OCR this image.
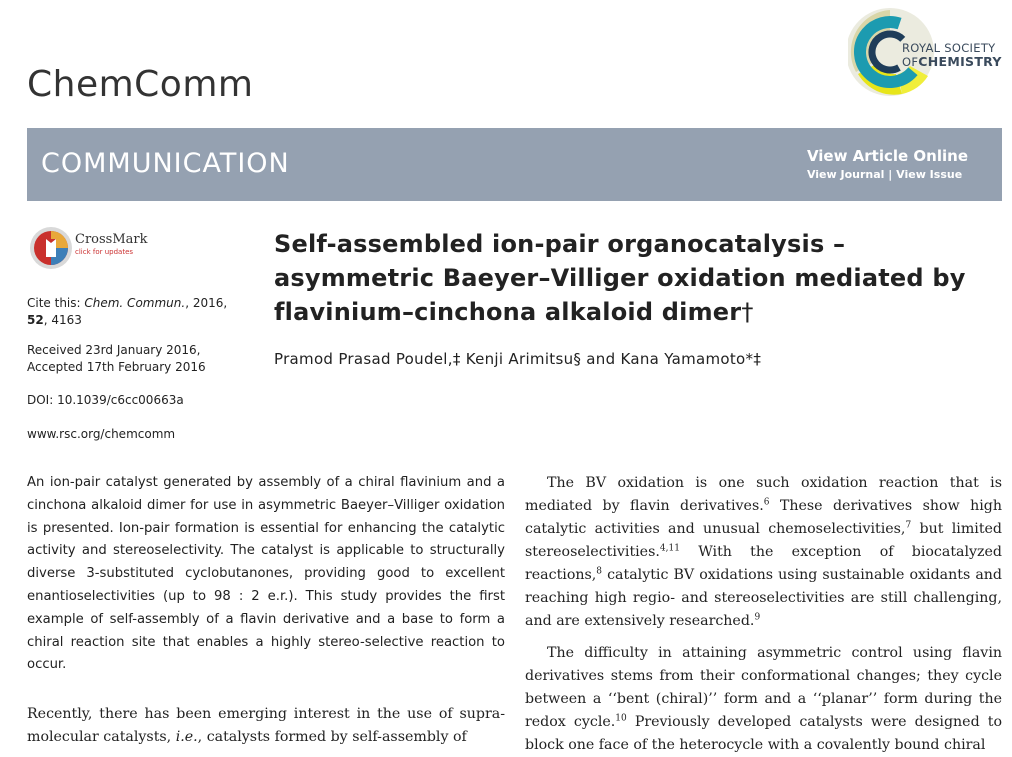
ChemComm
ROYAL SOCIETY
OFCHEMISTRY
COMMUNICATION	View Article Online
View Journal | View Issue
CrossMark
click for updates
Cite this: Chem. Commun., 2016,
52, 4163
Received 23rd January 2016,
Accepted 17th February 2016
DOI: 10.1039/c6cc00663a
www.rsc.org/chemcomm
Self-assembled ion-pair organocatalysis – asymmetric Baeyer–Villiger oxidation mediated by flavinium–cinchona alkaloid dimer†
Pramod Prasad Poudel,‡ Kenji Arimitsu§ and Kana Yamamoto*‡
An ion-pair catalyst generated by assembly of a chiral flavinium and a cinchona alkaloid dimer for use in asymmetric Baeyer–Villiger oxidation is presented. Ion-pair formation is essential for enhancing the catalytic activity and stereoselectivity. The catalyst is applicable to structurally diverse 3-substituted cyclobutanones, providing good to excellent enantioselectivities (up to 98 : 2 e.r.). This study provides the first example of self-assembly of a flavin derivative and a base to form a chiral reaction site that enables a highly stereo-selective reaction to occur.
Recently, there has been emerging interest in the use of supra-molecular catalysts, i.e., catalysts formed by self-assembly of

The BV oxidation is one such oxidation reaction that is mediated by flavin derivatives.$^6$ These derivatives show high catalytic activities and unusual chemoselectivities,$^7$ but limited stereoselectivities.$^{4,11}$ With the exception of biocatalyzed reactions,$^8$ catalytic BV oxidations using sustainable oxidants and reaching high regio- and stereoselectivities are still challenging, and are extensively researched.$^9$

The difficulty in attaining asymmetric control using flavin derivatives stems from their conformational changes; they cycle between a ‘‘bent (chiral)’’ form and a ‘‘planar’’ form during the redox cycle.$^{10}$ Previously developed catalysts were designed to block one face of the heterocycle with a covalently bound chiral
